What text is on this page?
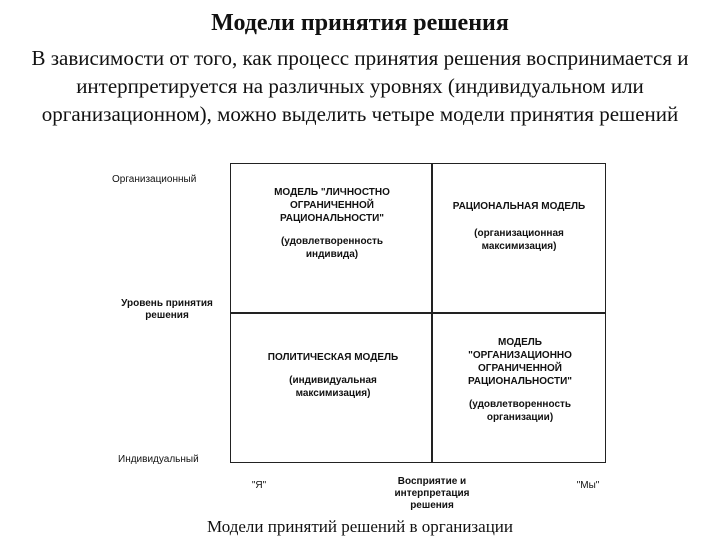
Модели принятия решения
В зависимости от того, как процесс принятия решения воспринимается и интерпретируется на различных уровнях (индивидуальном или организационном), можно выделить четыре модели принятия решений
Организационный
Уровень принятия решения
Индивидуальный
МОДЕЛЬ "ЛИЧНОСТНО ОГРАНИЧЕННОЙ РАЦИОНАЛЬНОСТИ"
(удовлетворенность индивида)
РАЦИОНАЛЬНАЯ МОДЕЛЬ
(организационная максимизация)
ПОЛИТИЧЕСКАЯ МОДЕЛЬ
(индивидуальная максимизация)
МОДЕЛЬ "ОРГАНИЗАЦИОННО ОГРАНИЧЕННОЙ РАЦИОНАЛЬНОСТИ"
(удовлетворенность организации)
"Я"	Восприятие и интерпретация решения
"Мы"
Модели принятий решений в организации
